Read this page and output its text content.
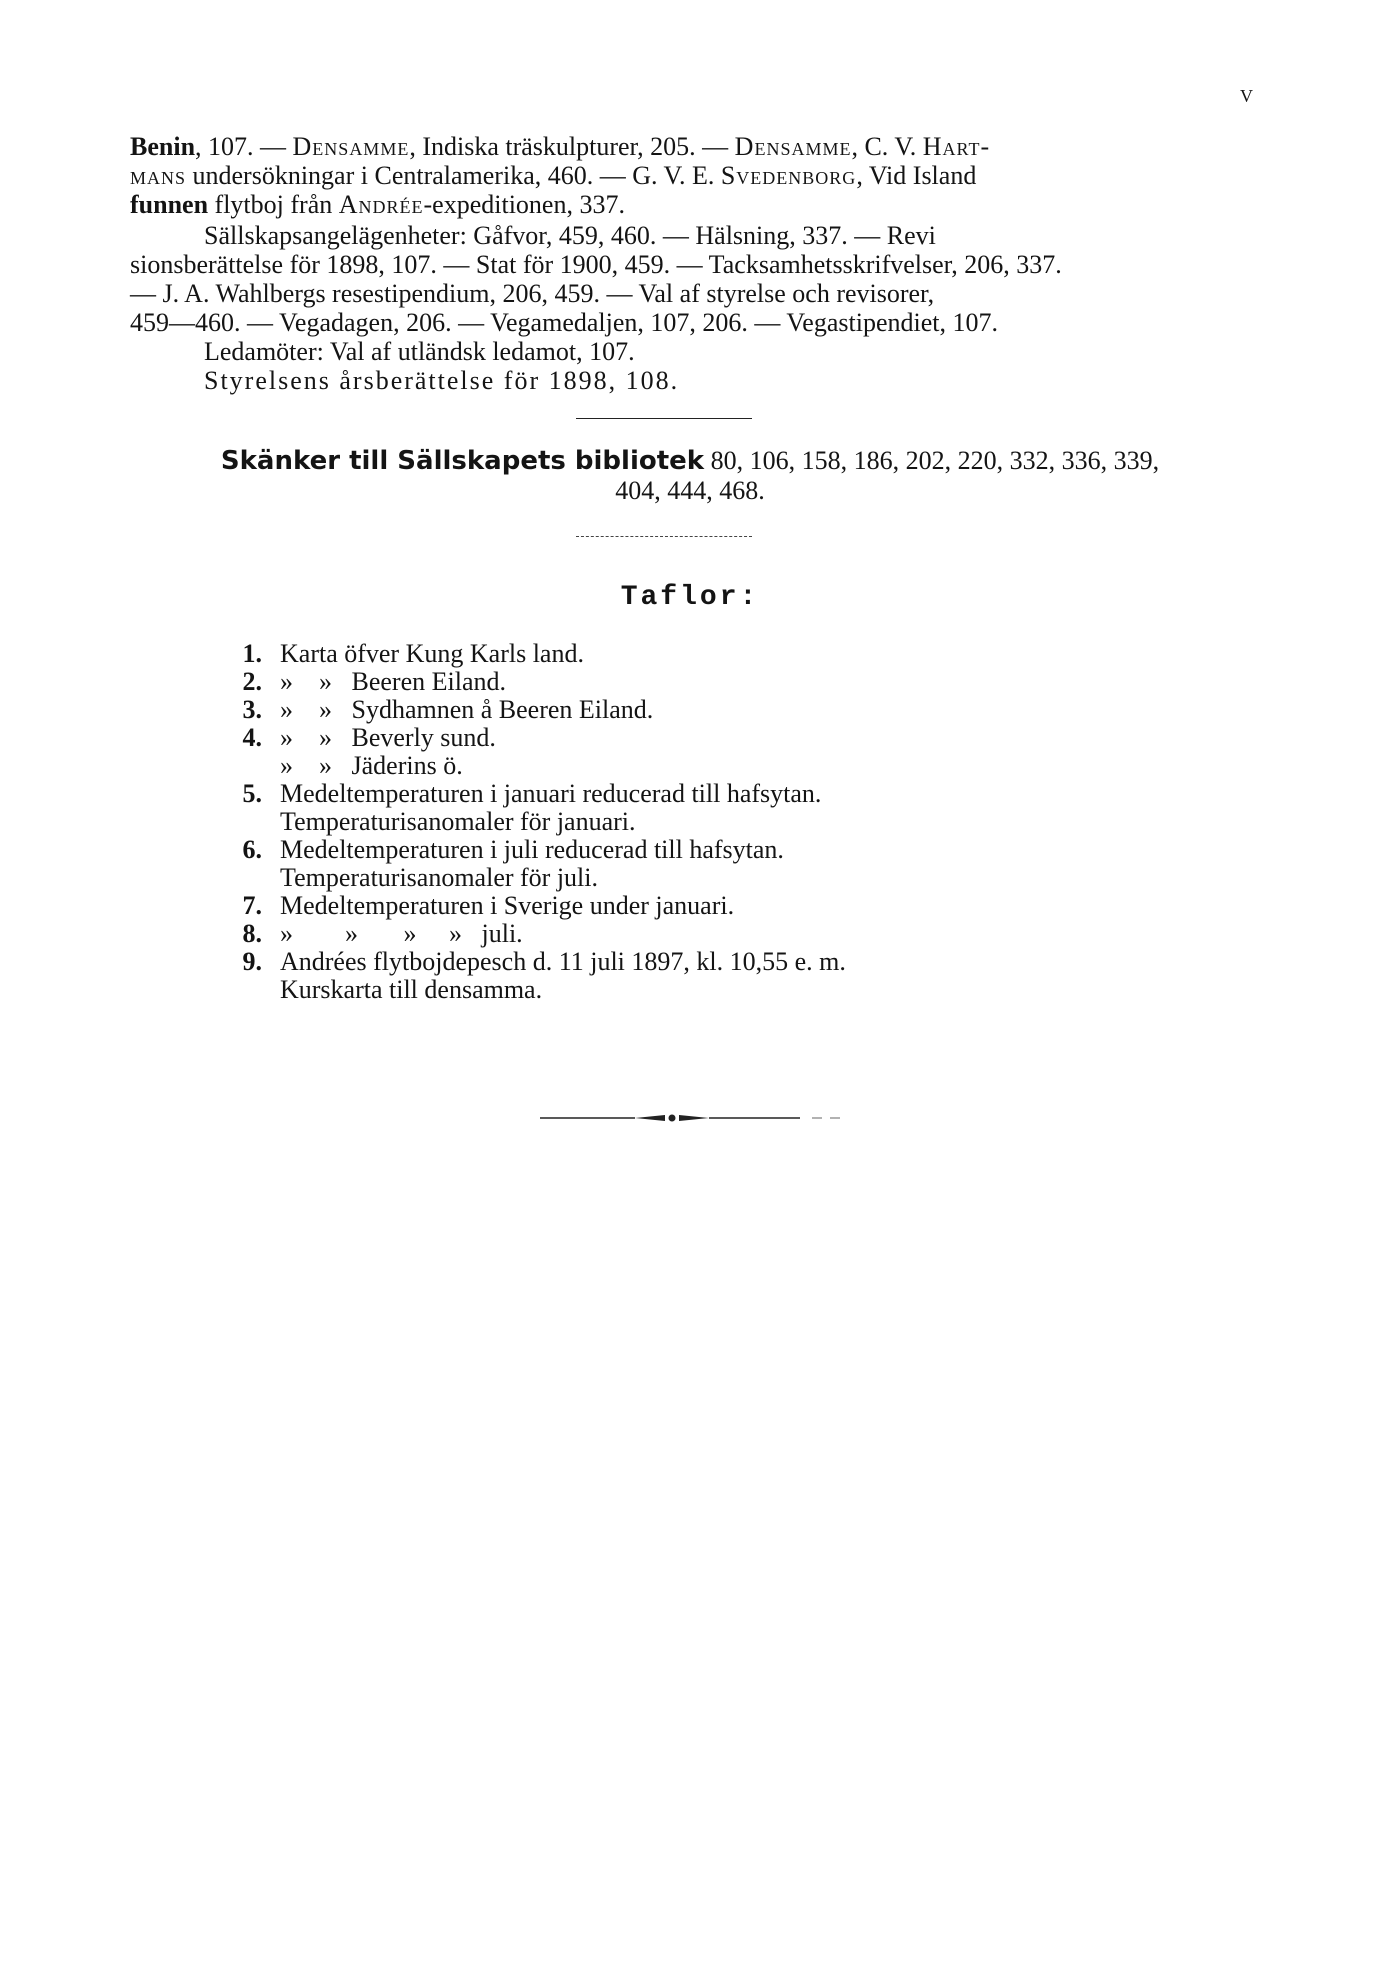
V
Benin, 107. — Densamme, Indiska träskulpturer, 205. — Densamme, C. V. Hart-
mans undersökningar i Centralamerika, 460. — G. V. E. Svedenborg, Vid Island
funnen flytboj från Andrée-expeditionen, 337.
Sällskapsangelägenheter: Gåfvor, 459, 460. — Hälsning, 337. — Revi
sionsberättelse för 1898, 107. — Stat för 1900, 459. — Tacksamhetsskrifvelser, 206, 337.
— J. A. Wahlbergs resestipendium, 206, 459. — Val af styrelse och revisorer,
459—460. — Vegadagen, 206. — Vegamedaljen, 107, 206. — Vegastipendiet, 107.
Ledamöter: Val af utländsk ledamot, 107.
Styrelsens årsberättelse för 1898, 108.
Skänker till Sällskapets bibliotek 80, 106, 158, 186, 202, 220, 332, 336, 339,
404, 444, 468.
Taflor:
1. Karta öfver Kung Karls land.
2. »    »   Beeren Eiland.
3. »    »   Sydhamnen å Beeren Eiland.
4. »    »   Beverly sund.
»    »   Jäderins ö.
5. Medeltemperaturen i januari reducerad till hafsytan.
Temperaturisanomaler för januari.
6. Medeltemperaturen i juli reducerad till hafsytan.
Temperaturisanomaler för juli.
7. Medeltemperaturen i Sverige under januari.
8. »        »       »     »   juli.
9. Andrées flytbojdepesch d. 11 juli 1897, kl. 10,55 e. m.
Kurskarta till densamma.
